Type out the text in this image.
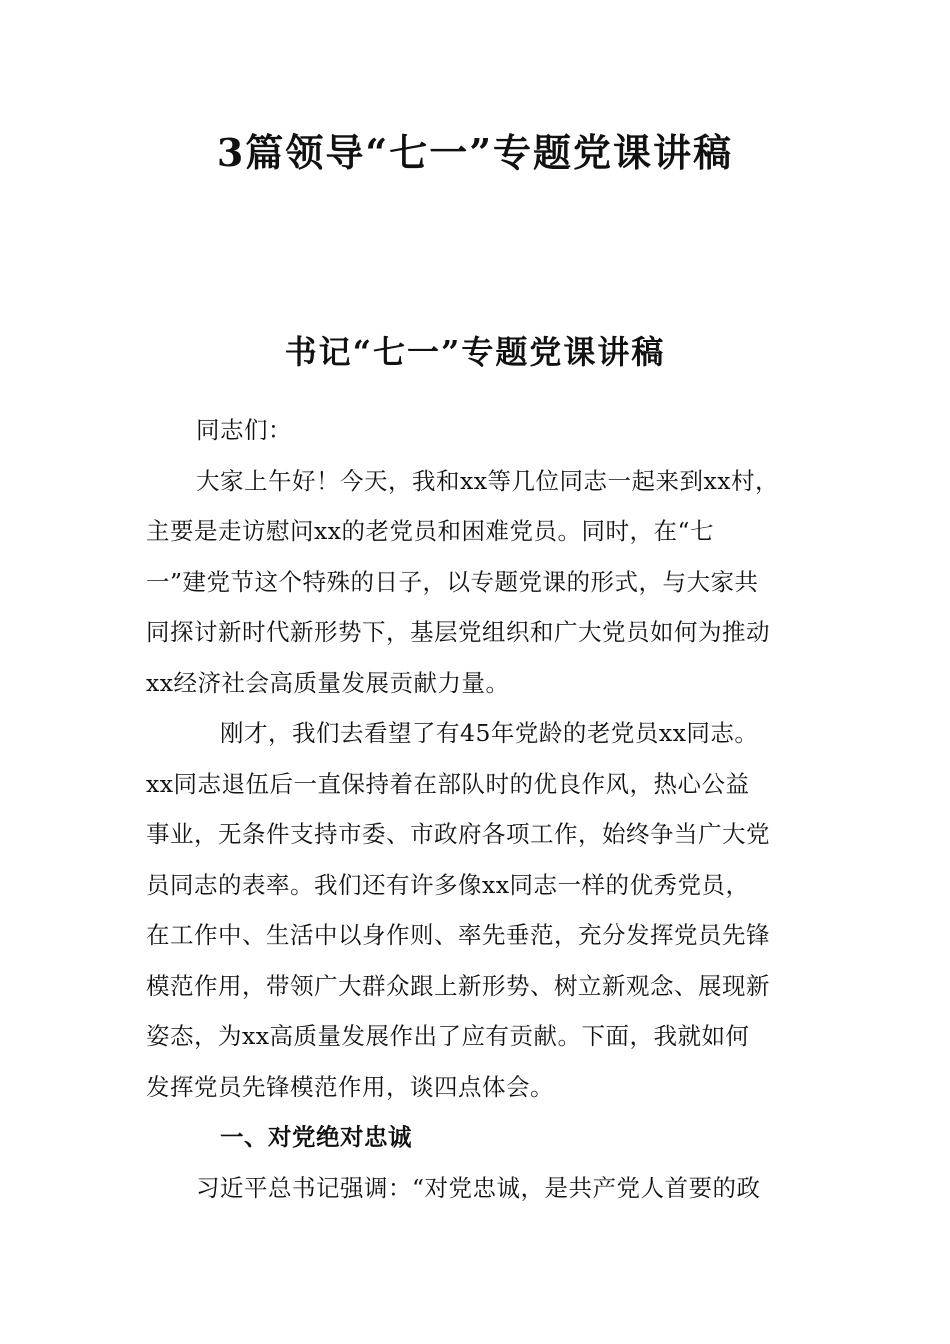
3篇领导“七一”专题党课讲稿
书记“七一”专题党课讲稿
同志们：
大家上午好！今天，我和xx等几位同志一起来到xx村，
主要是走访慰问xx的老党员和困难党员。同时，在“七
一”建党节这个特殊的日子，以专题党课的形式，与大家共
同探讨新时代新形势下，基层党组织和广大党员如何为推动
xx经济社会高质量发展贡献力量。
刚才，我们去看望了有45年党龄的老党员xx同志。
xx同志退伍后一直保持着在部队时的优良作风，热心公益
事业，无条件支持市委、市政府各项工作，始终争当广大党
员同志的表率。我们还有许多像xx同志一样的优秀党员，
在工作中、生活中以身作则、率先垂范，充分发挥党员先锋
模范作用，带领广大群众跟上新形势、树立新观念、展现新
姿态，为xx高质量发展作出了应有贡献。下面，我就如何
发挥党员先锋模范作用，谈四点体会。
一、对党绝对忠诚
习近平总书记强调：“对党忠诚，是共产党人首要的政
